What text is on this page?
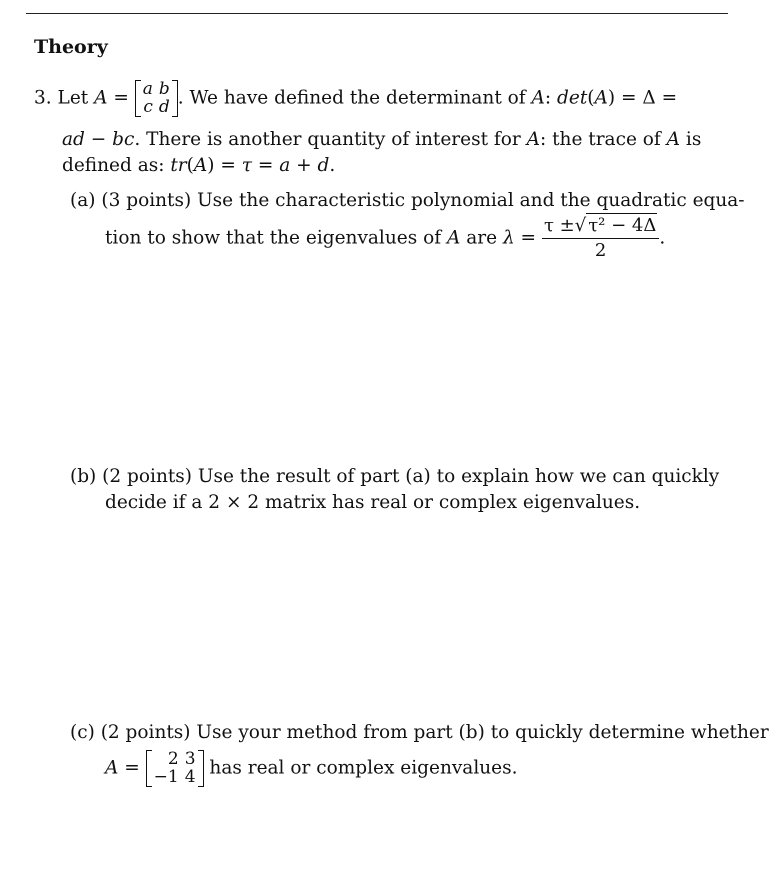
Theory
3. Let A = a	b
c	d . We have defined the determinant of A: det(A) = Δ =
ad − bc. There is another quantity of interest for A: the trace of A is
defined as: tr(A) = τ = a + d.
(a) (3 points) Use the characteristic polynomial and the quadratic equa-
tion to show that the eigenvalues of A are $\lambda = \frac{\text{τ ±√ τ² − 4Δ}}{2}$ .
(b) (2 points) Use the result of part (a) to explain how we can quickly
decide if a 2 × 2 matrix has real or complex eigenvalues.
(c) (2 points) Use your method from part (b) to quickly determine whether
A = 2	3
−1	4 has real or complex eigenvalues.
